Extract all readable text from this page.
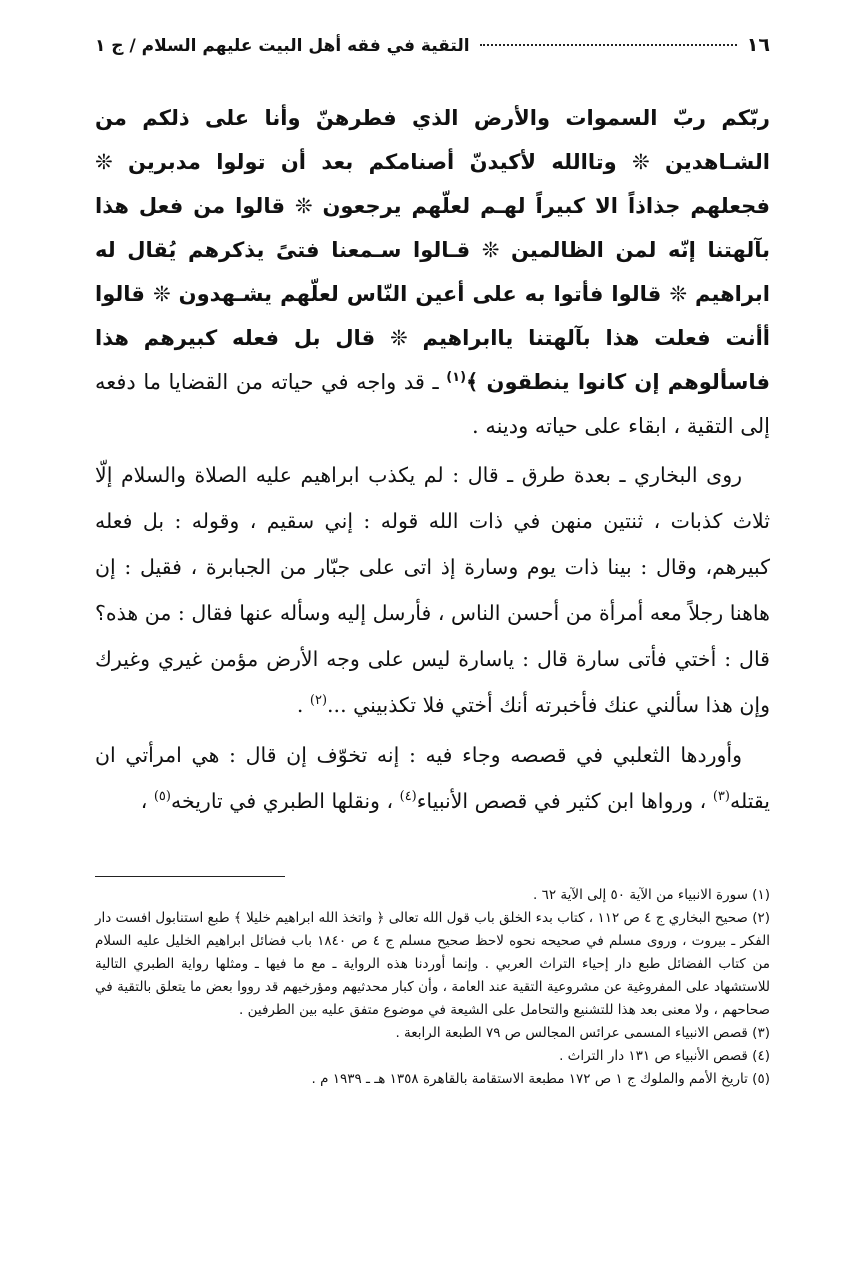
١٦
التقية في فقه أهل البيت عليهم السلام / ج ١

ربّكم ربّ السموات والأرض الذي فطرهنّ وأنا على ذلكم من الشـاهدين ❊ وتاالله لأكيدنّ أصنامكم بعد أن تولوا مدبرين ❊ فجعلهم جذاذاً الا كبيراً لهـم لعلّهم يرجعون ❊ قالوا من فعل هذا بآلهتنا إنّه لمن الظالمين ❊ قـالوا سـمعنا فتىً يذكرهم يُقال له ابراهيم ❊ قالوا فأتوا به على أعين النّاس لعلّهم يشـهدون ❊ قالوا أأنت فعلت هذا بآلهتنا ياابراهيم ❊ قال بل فعله كبيرهم هذا فاسألوهم إن كانوا ينطقون ﴾$^{(١)}$ ـ قد واجه في حياته من القضايا ما دفعه إلى التقية ، ابقاء على حياته ودينه .

روى البخاري ـ بعدة طرق ـ قال : لم يكذب ابراهيم عليه الصلاة والسلام إلّا ثلاث كذبات ، ثنتين منهن في ذات الله قوله : إني سقيم ، وقوله : بل فعله كبيرهم، وقال : بينا ذات يوم وسارة إذ اتى على جبّار من الجبابرة ، فقيل : إن هاهنا رجلاً معه أمرأة من أحسن الناس ، فأرسل إليه وسأله عنها فقال : من هذه؟ قال : أختي فأتى سارة قال : ياسارة ليس على وجه الأرض مؤمن غيري وغيرك وإن هذا سألني عنك فأخبرته أنك أختي فلا تكذبيني ...$^{(٢)}$ .

وأوردها الثعلبي في قصصه وجاء فيه : إنه تخوّف إن قال : هي امرأتي ان يقتله$^{(٣)}$ ، ورواها ابن كثير في قصص الأنبياء$^{(٤)}$ ، ونقلها الطبري في تاريخه$^{(٥)}$ ،

(١) سورة الانبياء من الآية ٥٠ إلى الآية ٦٢ .

(٢) صحيح البخاري ج ٤ ص ١١٢ ، كتاب بدء الخلق باب قول الله تعالى ﴿ واتخذ الله ابراهيم خليلا ﴾ طبع استنابول افست دار الفكر ـ بيروت ، وروى مسلم في صحيحه نحوه لاحظ صحيح مسلم ج ٤ ص ١٨٤٠ باب فضائل ابراهيم الخليل عليه السلام من كتاب الفضائل طبع دار إحياء التراث العربي . وإنما أوردنا هذه الرواية ـ مع ما فيها ـ ومثلها رواية الطبري التالية للاستشهاد على المفروغية عن مشروعية التقية عند العامة ، وأن كبار محدثيهم ومؤرخيهم قد رووا بعض ما يتعلق بالتقية في صحاحهم ، ولا معنى بعد هذا للتشنيع والتحامل على الشيعة في موضوع متفق عليه بين الطرفين .

(٣) قصص الانبياء المسمى عرائس المجالس ص ٧٩ الطبعة الرابعة .

(٤) قصص الأنبياء ص ١٣١ دار التراث .

(٥) تاريخ الأمم والملوك ج ١ ص ١٧٢ مطبعة الاستقامة بالقاهرة ١٣٥٨ هـ ـ ١٩٣٩ م .
